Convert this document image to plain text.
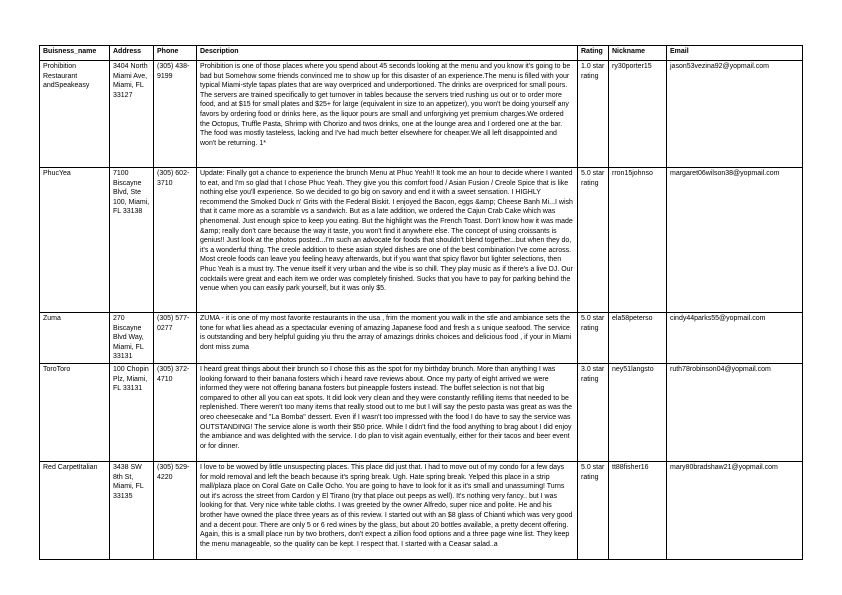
Buisness_name	Address	Phone	Description	Rating	Nickname	Email
Prohibition Restaurant andSpeakeasy	3404 North Miami Ave, Miami, FL 33127	(305) 438-9199	Prohibition is one of those places where you spend about 45 seconds looking at the menu and you know it's going to be bad but Somehow some friends convinced me to show up for this disaster of an experience.The menu is filled with your typical Miami-style tapas plates that are way overpriced and underportioned. The drinks are overpriced for small pours. The servers are trained specifically to get turnover in tables because the servers tried rushing us out or to order more food, and at $15 for small plates and $25+ for large (equivalent in size to an appetizer), you won't be doing yourself any favors by ordering food or drinks here, as the liquor pours are small and unforgiving yet premium charges.We ordered the Octopus, Truffle Pasta, Shrimp with Chorizo and twos drinks, one at the lounge area and I ordered one at the bar. The food was mostly tasteless, lacking and I've had much better elsewhere for cheaper.We all left disappointed and won't be returning. 1*	1.0 star rating	ry30porter15	jason53vezina92@yopmail.com
PhucYea	7100 Biscayne Blvd, Ste 100, Miami, FL 33138	(305) 602-3710	Update: Finally got a chance to experience the brunch Menu at Phuc Yeah!! It took me an hour to decide where I wanted to eat, and I'm so glad that I chose Phuc Yeah. They give you this comfort food / Asian Fusion / Creole Spice that is like nothing else you'll experience. So we decided to go big on savory and end it with a sweet sensation. I HIGHLY recommend the Smoked Duck n' Grits with the Federal Biskit. I enjoyed the Bacon, eggs &amp; Cheese Banh Mi...I wish that it came more as a scramble vs a sandwich. But as a late addition, we ordered the Cajun Crab Cake which was phenomenal. Just enough spice to keep you eating. But the highlight was the French Toast. Don't know how it was made &amp; really don't care because the way it taste, you won't find it anywhere else. The concept of using croissants is genius!! Just look at the photos posted...I'm such an advocate for foods that shouldn't blend together...but when they do, it's a wonderful thing. The creole addition to these asian styled dishes are one of the best combination I've come across. Most creole foods can leave you feeling heavy afterwards, but if you want that spicy flavor but lighter selections, then Phuc Yeah is a must try. The venue itself it very urban and the vibe is so chill. They play music as if there's a live DJ. Our cocktails were great and each item we order was completely finished. Sucks that you have to pay for parking behind the venue when you can easily park yourself, but it was only $5.	5.0 star rating	rron15johnso	margaret06wilson38@yopmail.com
Zuma	270 Biscayne Blvd Way, Miami, FL 33131	(305) 577-0277	ZUMA - it is one of my most favorite restaurants in the usa , frim the moment you walk in the stle and ambiance sets the tone for what lies ahead as a spectacular evening of amazing Japanese food and fresh a s unique seafood. The service is outstanding and bery helpful guiding yiu thru the array of amazings drinks choices and delicious food , if your in Miami dont miss zuma	5.0 star rating	ela58peterso	cindy44parks55@yopmail.com
ToroToro	100 Chopin Plz, Miami, FL 33131	(305) 372-4710	I heard great things about their brunch so I chose this as the spot for my birthday brunch. More than anything I was looking forward to their banana fosters which i heard rave reviews about. Once my party of eight arrived we were informed they were not offering banana fosters but pineapple fosters instead. The buffet selection is not that big compared to other all you can eat spots. It did look very clean and they were constantly refilling items that needed to be replenished. There weren't too many items that really stood out to me but I will say the pesto pasta was great as was the oreo cheesecake and "La Bomba" dessert. Even if I wasn't too impressed with the food I do have to say the service was OUTSTANDING! The service alone is worth their $50 price. While I didn't find the food anything to brag about I did enjoy the ambiance and was delighted with the service. I do plan to visit again eventually, either for their tacos and beer event or for dinner.	3.0 star rating	ney51langsto	ruth78robinson04@yopmail.com
Red CarpetItalian	3438 SW 8th St, Miami, FL 33135	(305) 529-4220	I love to be wowed by little unsuspecting places. This place did just that. I had to move out of my condo for a few days for mold removal and left the beach because it's spring break. Ugh. Hate spring break. Yelped this place in a strip mall/plaza place on Coral Gate on Calle Ocho. You are going to have to look for it as it's small and unassuming! Turns out it's across the street from Cardon y El Tirano (try that place out peeps as well). It's nothing very fancy.. but I was looking for that. Very nice white table cloths. I was greeted by the owner Alfredo, super nice and polite. He and his brother have owned the place three years as of this review. I started out with an $8 glass of Chianti which was very good and a decent pour. There are only 5 or 6 red wines by the glass, but about 20 bottles available, a pretty decent offering. Again, this is a small place run by two brothers, don't expect a zillion food options and a three page wine list. They keep the menu manageable, so the quality can be kept. I respect that. I started with a Ceasar salad..a	5.0 star rating	tt88fisher16	mary80bradshaw21@yopmail.com
